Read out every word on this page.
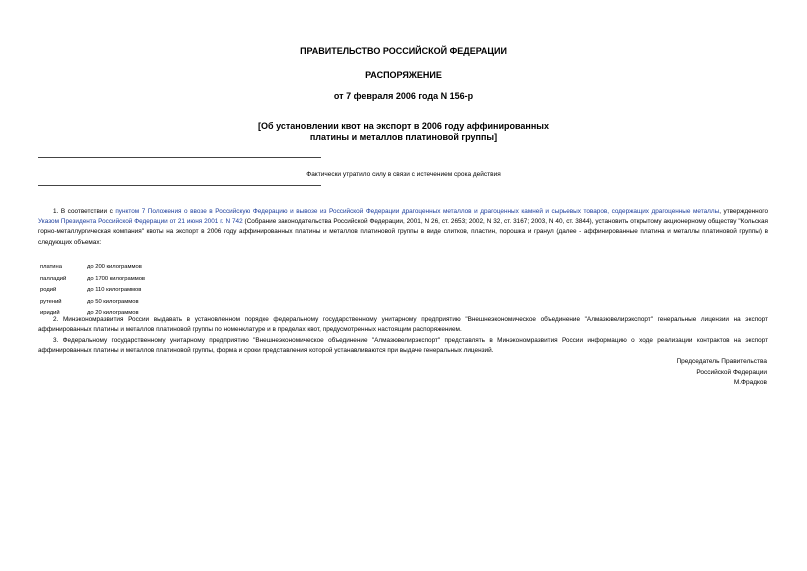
ПРАВИТЕЛЬСТВО РОССИЙСКОЙ ФЕДЕРАЦИИ
РАСПОРЯЖЕНИЕ
от 7 февраля 2006 года N 156-р
[Об установлении квот на экспорт в 2006 году аффинированных
платины и металлов платиновой группы]
Фактически утратило силу в связи с истечением срока действия
1. В соответствии с пунктом 7 Положения о ввозе в Российскую Федерацию и вывозе из Российской Федерации драгоценных металлов и драгоценных камней и сырьевых товаров, содержащих драгоценные металлы, утвержденного Указом Президента Российской Федерации от 21 июня 2001 г. N 742 (Собрание законодательства Российской Федерации, 2001, N 26, ст. 2653; 2002, N 32, ст. 3167; 2003, N 40, ст. 3844), установить открытому акционерному обществу "Кольская горно-металлургическая компания" квоты на экспорт в 2006 году аффинированных платины и металлов платиновой группы в виде слитков, пластин, порошка и гранул (далее - аффинированные платина и металлы платиновой группы) в следующих объемах:
платина	до 200 килограммов
палладий	до 1700 килограммов
родий	до 110 килограммов
рутений	до 50 килограммов
иридий	до 20 килограммов
2. Минэкономразвития России выдавать в установленном порядке федеральному государственному унитарному предприятию "Внешнеэкономическое объединение "Алмазювелирэкспорт" генеральные лицензии на экспорт аффинированных платины и металлов платиновой группы по номенклатуре и в пределах квот, предусмотренных настоящим распоряжением.
3. Федеральному государственному унитарному предприятию "Внешнеэкономическое объединение "Алмазювелирэкспорт" представлять в Минэкономразвития России информацию о ходе реализации контрактов на экспорт аффинированных платины и металлов платиновой группы, форма и сроки представления которой устанавливаются при выдаче генеральных лицензий.
Председатель Правительства
Российской Федерации
М.Фрадков
